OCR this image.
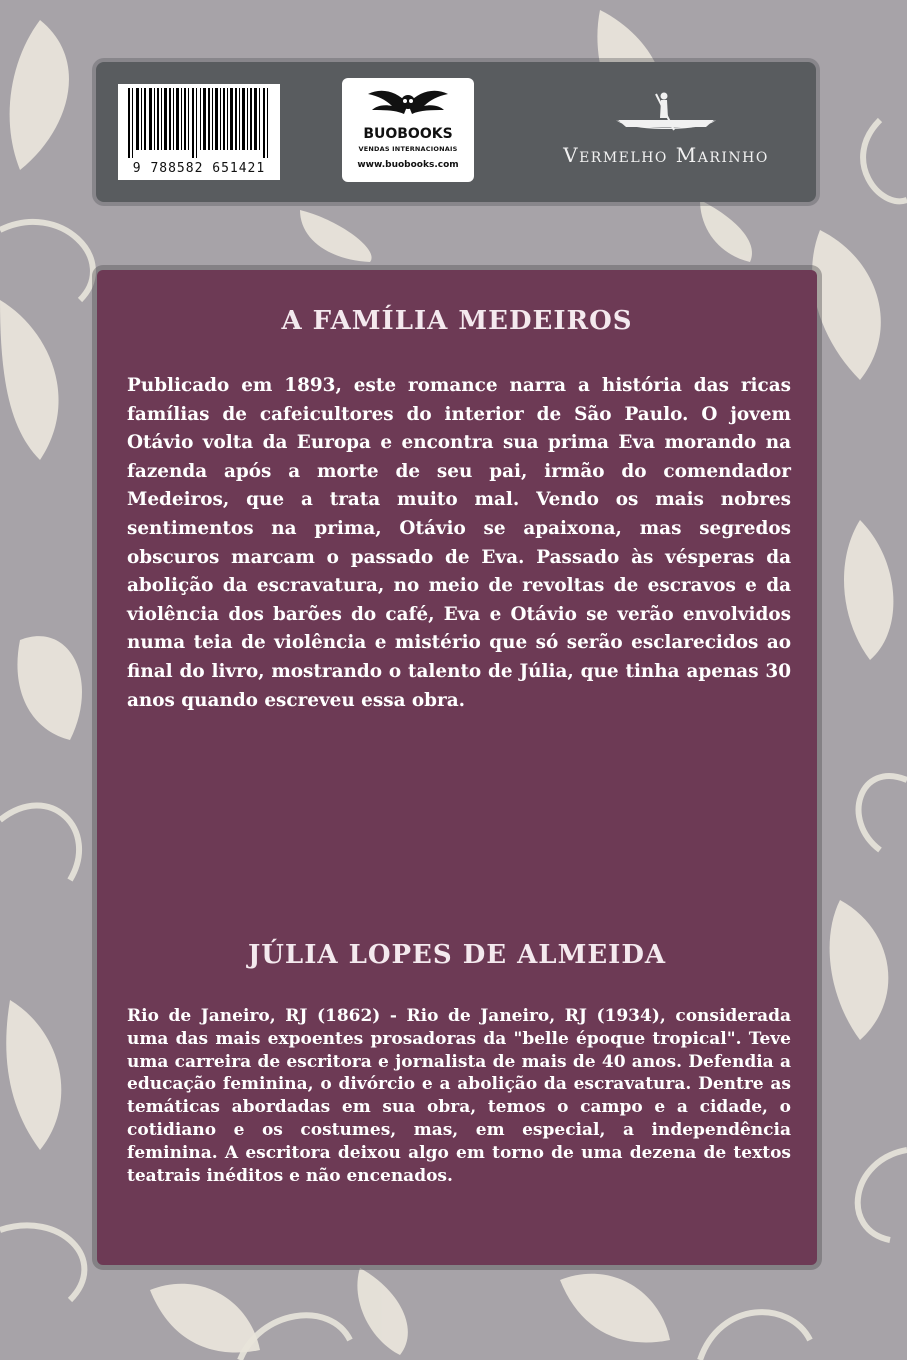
9 788582 651421
BUOBOOKS
VENDAS INTERNACIONAIS
www.buobooks.com	Vermelho Marinho
A FAMÍLIA MEDEIROS

Publicado em 1893, este romance narra a história das ricas famílias de cafeicultores do interior de São Paulo. O jovem Otávio volta da Europa e encontra sua prima Eva morando na fazenda após a morte de seu pai, irmão do comendador Medeiros, que a trata muito mal. Vendo os mais nobres sentimentos na prima, Otávio se apaixona, mas segredos obscuros marcam o passado de Eva. Passado às vésperas da abolição da escravatura, no meio de revoltas de escravos e da violência dos barões do café, Eva e Otávio se verão envolvidos numa teia de violência e mistério que só serão esclarecidos ao final do livro, mostrando o talento de Júlia, que tinha apenas 30 anos quando escreveu essa obra.

JÚLIA LOPES DE ALMEIDA

Rio de Janeiro, RJ (1862) - Rio de Janeiro, RJ (1934), considerada uma das mais expoentes prosadoras da "belle époque tropical". Teve uma carreira de escritora e jornalista de mais de 40 anos. Defendia a educação feminina, o divórcio e a abolição da escravatura. Dentre as temáticas abordadas em sua obra, temos o campo e a cidade, o cotidiano e os costumes, mas, em especial, a independência feminina. A escritora deixou algo em torno de uma dezena de textos teatrais inéditos e não encenados.
